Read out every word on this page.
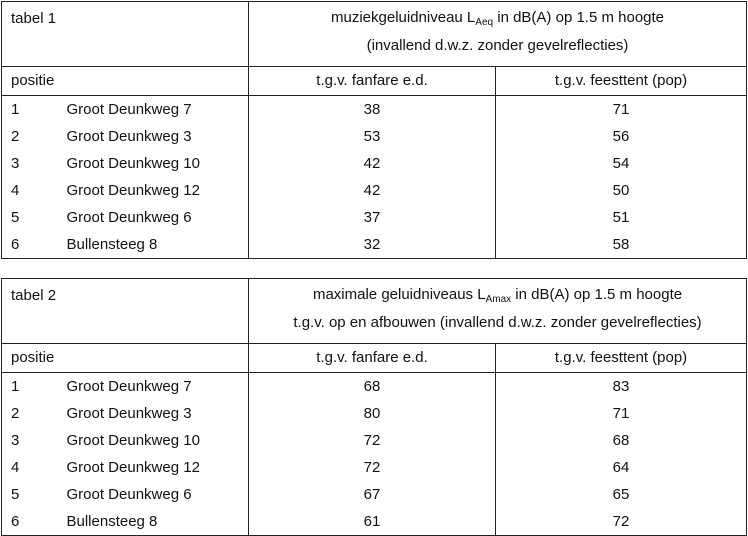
tabel 1		muziekgeluidniveau $L_{Aeq}$ in dB(A) op 1.5 m hoogte
(invallend d.w.z. zonder gevelreflecties)	

positie		t.g.v. fanfare e.d.	t.g.v. feesttent (pop)
1	Groot Deunkweg 7	38	71
2	Groot Deunkweg 3	53	56
3	Groot Deunkweg 10	42	54
4	Groot Deunkweg 12	42	50
5	Groot Deunkweg 6	37	51
6	Bullensteeg 8	32	58
tabel 2		maximale geluidniveaus $L_{Amax}$ in dB(A) op 1.5 m hoogte
t.g.v. op en afbouwen (invallend d.w.z. zonder gevelreflecties)	

positie		t.g.v. fanfare e.d.	t.g.v. feesttent (pop)
1	Groot Deunkweg 7	68	83
2	Groot Deunkweg 3	80	71
3	Groot Deunkweg 10	72	68
4	Groot Deunkweg 12	72	64
5	Groot Deunkweg 6	67	65
6	Bullensteeg 8	61	72
